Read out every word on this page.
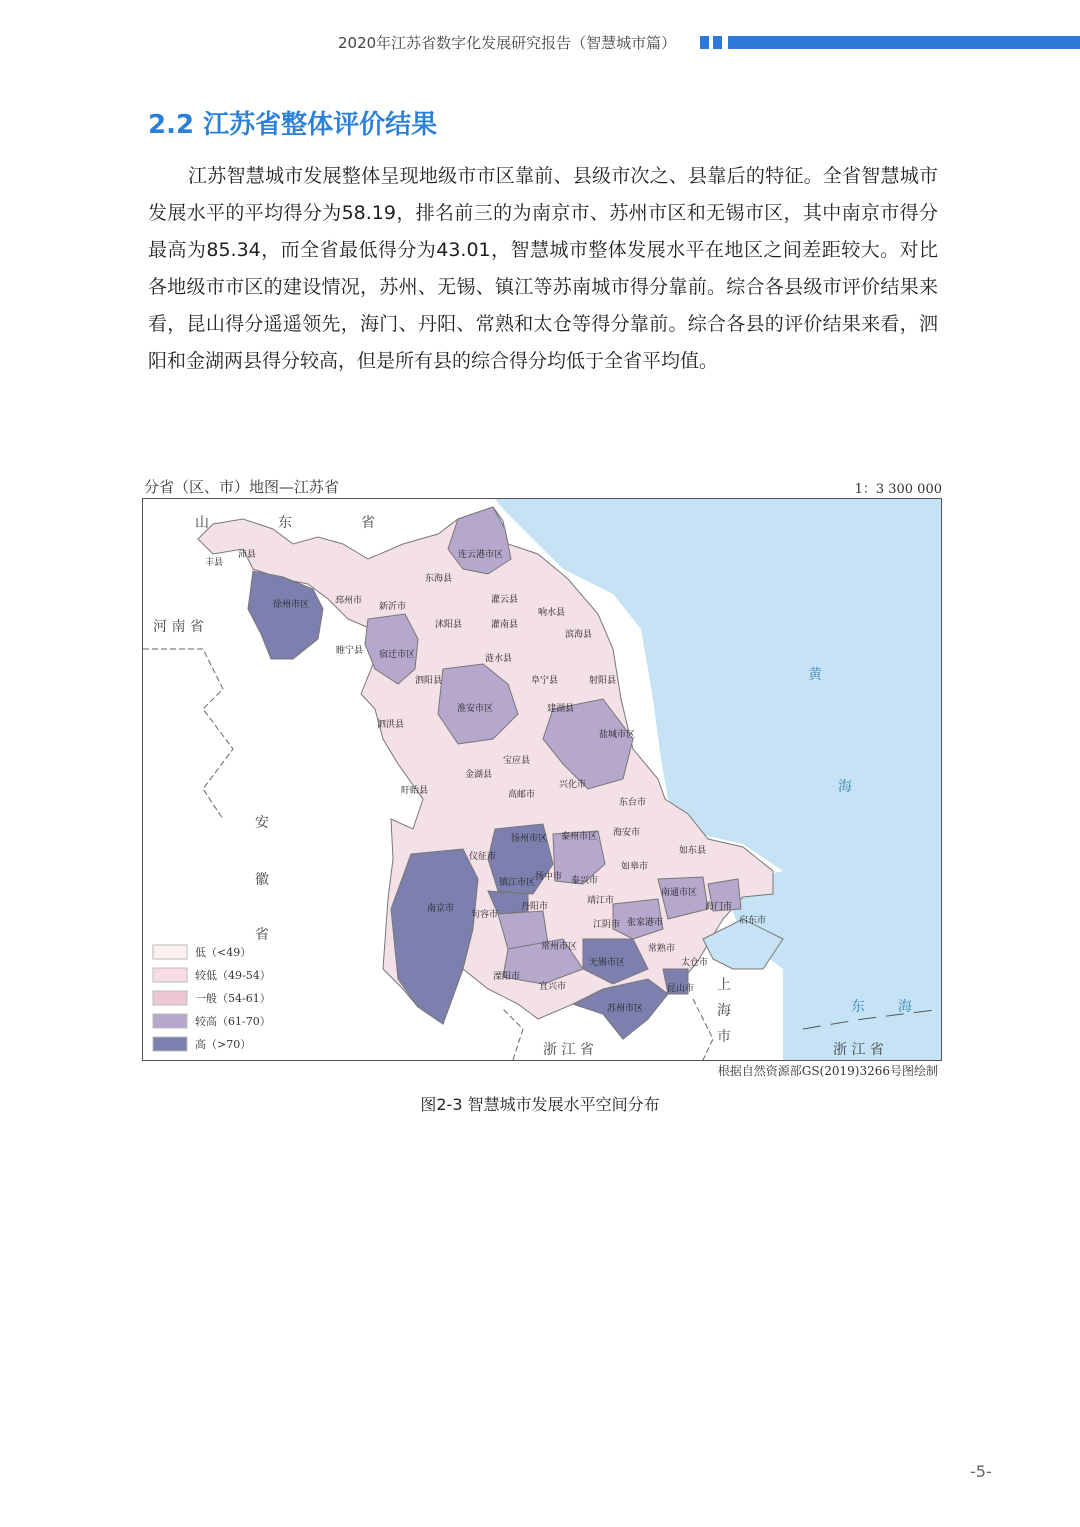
2020年江苏省数字化发展研究报告（智慧城市篇）
2.2 江苏省整体评价结果
江苏智慧城市发展整体呈现地级市市区靠前、县级市次之、县靠后的特征。全省智慧城市发展水平的平均得分为58.19，排名前三的为南京市、苏州市区和无锡市区，其中南京市得分最高为85.34，而全省最低得分为43.01，智慧城市整体发展水平在地区之间差距较大。对比各地级市市区的建设情况，苏州、无锡、镇江等苏南城市得分靠前。综合各县级市评价结果来看，昆山得分遥遥领先，海门、丹阳、常熟和太仓等得分靠前。综合各县的评价结果来看，泗阳和金湖两县得分较高，但是所有县的综合得分均低于全省平均值。
分省（区、市）地图—江苏省	1：3 300 000
山	东	省
河 南 省
安
徽
省
浙 江 省	浙 江 省
上
海
市
黄
海
东 海
丰县
沛县
徐州市区	邳州市
新沂市
睢宁县 宿迁市区
连云港市区
东海县
灌云县
灌南县
沭阳县
响水县
滨海县
泗阳县
涟水县
阜宁县	射阳县
泗洪县
淮安市区	建湖县
盐城市区
宝应县
金湖县
盱眙县
兴化市
高邮市
东台市
扬州市区 泰州市区 海安市
仪征市
如东县
镇江市区
扬中市 泰兴市
如皋市
南京市
句容市
丹阳市
靖江市
江阴市 张家港市
南通市区
海门市
启东市
常州市区	常熟市
太仓市
无锡市区
溧阳市
宜兴市	昆山市
苏州市区
低（<49）
较低（49-54）
一般（54-61）
较高（61-70）
高（>70）
根据自然资源部GS(2019)3266号图绘制
图2-3 智慧城市发展水平空间分布
-5-
